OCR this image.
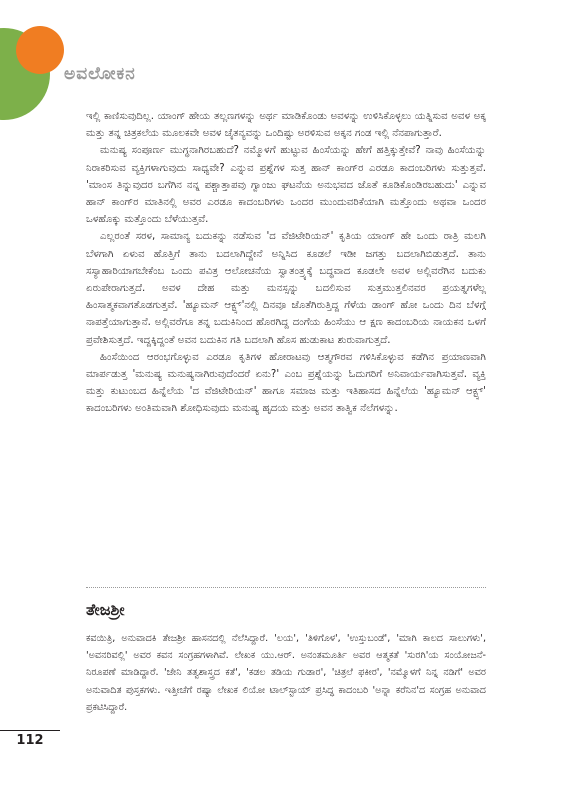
ಅವಲೋಕನ

ಇಲ್ಲಿ ಕಾಣಿಸುವುದಿಲ್ಲ. ಯಾಂಗ್ ಹೇಯ ತಲ್ಲಣಗಳನ್ನು ಅರ್ಥ ಮಾಡಿಕೊಂಡು ಅವಳನ್ನು ಉಳಿಸಿಕೊಳ್ಳಲು ಯತ್ನಿಸುವ ಅವಳ ಅಕ್ಕ ಮತ್ತು ತನ್ನ ಚಿತ್ರಕಲೆಯ ಮೂಲಕವೇ ಅವಳ ಚೈತನ್ಯವನ್ನು ಒಂದಿಷ್ಟು ಅರಳಿಸುವ ಅಕ್ಕನ ಗಂಡ ಇಲ್ಲಿ ನೆನಪಾಗುತ್ತಾರೆ.

ಮನುಷ್ಯ ಸಂಪೂರ್ಣ ಮುಗ್ಧನಾಗಿರಬಹುದೆ? ನಮ್ಮೊಳಗೆ ಹುಟ್ಟುವ ಹಿಂಸೆಯನ್ನು ಹೇಗೆ ಹತ್ತಿಕ್ಕುತ್ತೇವೆ? ನಾವು ಹಿಂಸೆಯನ್ನು ನಿರಾಕರಿಸುವ ವ್ಯಕ್ತಿಗಳಾಗುವುದು ಸಾಧ್ಯವೇ? ಎನ್ನುವ ಪ್ರಶ್ನೆಗಳ ಸುತ್ತ ಹಾನ್ ಕಾಂಗ್‌ರ ಎರಡೂ ಕಾದಂಬರಿಗಳು ಸುತ್ತುತ್ತವೆ. 'ಮಾಂಸ ತಿನ್ನುವುದರ ಬಗೆಗಿನ ನನ್ನ ಪಶ್ಚಾತ್ತಾಪವು ಗ್ವಾಂಜು ಘಟನೆಯ ಅನುಭವದ ಜೊತೆ ಕೂಡಿಕೊಂಡಿರಬಹುದು' ಎನ್ನುವ ಹಾನ್ ಕಾಂಗ್‌ರ ಮಾತಿನಲ್ಲಿ ಅವರ ಎರಡೂ ಕಾದಂಬರಿಗಳು ಒಂದರ ಮುಂದುವರಿಕೆಯಾಗಿ ಮತ್ತೊಂದು ಅಥವಾ ಒಂದರ ಒಳಹೊಕ್ಕು ಮತ್ತೊಂದು ಬೆಳೆಯುತ್ತವೆ.

ಎಲ್ಲರಂತೆ ಸರಳ, ಸಾಮಾನ್ಯ ಬದುಕನ್ನು ನಡೆಸುವ 'ದ ವೆಜಿಟೇರಿಯನ್' ಕೃತಿಯ ಯಾಂಗ್ ಹೇ ಒಂದು ರಾತ್ರಿ ಮಲಗಿ ಬೆಳಗಾಗಿ ಏಳುವ ಹೊತ್ತಿಗೆ ತಾನು ಬದಲಾಗಿದ್ದೇನೆ ಅನ್ನಿಸಿದ ಕೂಡಲೆ ಇಡೀ ಜಗತ್ತು ಬದಲಾಗಿಬಿಡುತ್ತದೆ. ತಾನು ಸಸ್ಯಾಹಾರಿಯಾಗಬೇಕೆಂಬ ಒಂದು ಪವಿತ್ರ ಆಲೋಚನೆಯ ಸ್ವಾತಂತ್ರ್ಯಕ್ಕೆ ಬದ್ಧವಾದ ಕೂಡಲೇ ಅವಳ ಅಲ್ಲಿವರೆಗಿನ ಬದುಕು ಏರುಪೇರಾಗುತ್ತದೆ. ಅವಳ ದೇಹ ಮತ್ತು ಮನಸ್ಸನ್ನು ಬದಲಿಸುವ ಸುತ್ತಮುತ್ತಲಿನವರ ಪ್ರಯತ್ನಗಳೆಲ್ಲ ಹಿಂಸಾತ್ಮಕವಾಗತೊಡಗುತ್ತವೆ. 'ಹ್ಯೂಮನ್ ಆಕ್ಟ್ಸ್'ನಲ್ಲಿ ದಿನವೂ ಜೊತೆಗಿರುತ್ತಿದ್ದ ಗೆಳೆಯ ಡಾಂಗ್ ಹೋ ಒಂದು ದಿನ ಬೆಳಗ್ಗೆ ನಾಪತ್ತೆಯಾಗುತ್ತಾನೆ. ಅಲ್ಲಿವರೆಗೂ ತನ್ನ ಬದುಕಿನಿಂದ ಹೊರಗಿದ್ದ ದಂಗೆಯ ಹಿಂಸೆಯು ಆ ಕ್ಷಣ ಕಾದಂಬರಿಯ ನಾಯಕನ ಒಳಗೆ ಪ್ರವೇಶಿಸುತ್ತದೆ. ಇದ್ದಕ್ಕಿದ್ದಂತೆ ಅವನ ಬದುಕಿನ ಗತಿ ಬದಲಾಗಿ ಹೊಸ ಹುಡುಕಾಟ ಶುರುವಾಗುತ್ತದೆ.

ಹಿಂಸೆಯಿಂದ ಆರಂಭಗೊಳ್ಳುವ ಎರಡೂ ಕೃತಿಗಳ ಹೋರಾಟವು ಆತ್ಮಗೌರವ ಗಳಿಸಿಕೊಳ್ಳುವ ಕಡೆಗಿನ ಪ್ರಯಾಣವಾಗಿ ಮಾರ್ಪಡುತ್ತ 'ಮನುಷ್ಯ ಮನುಷ್ಯನಾಗಿರುವುದೆಂದರೆ ಏನು?' ಎಂಬ ಪ್ರಶ್ನೆಯನ್ನು ಓದುಗರಿಗೆ ಅನಿವಾರ್ಯವಾಗಿಸುತ್ತವೆ. ವ್ಯಕ್ತಿ ಮತ್ತು ಕುಟುಂಬದ ಹಿನ್ನೆಲೆಯ 'ದ ವೆಜಿಟೇರಿಯನ್' ಹಾಗೂ ಸಮಾಜ ಮತ್ತು ಇತಿಹಾಸದ ಹಿನ್ನೆಲೆಯ 'ಹ್ಯೂಮನ್ ಆಕ್ಟ್ಸ್' ಕಾದಂಬರಿಗಳು ಅಂತಿಮವಾಗಿ ಶೋಧಿಸುವುದು ಮನುಷ್ಯ ಹೃದಯ ಮತ್ತು ಅವನ ತಾತ್ವಿಕ ನೆಲೆಗಳನ್ನು.

ತೇಜಶ್ರೀ

ಕವಯಿತ್ರಿ, ಅನುವಾದಕಿ ತೇಜಶ್ರೀ ಹಾಸನದಲ್ಲಿ ನೆಲೆಸಿದ್ದಾರೆ. 'ಲಯ', 'ತಿಳಿಗೊಳ', 'ಉಸ್ತುಬಂಡೆ', 'ಮಾಗಿ ಕಾಲದ ಸಾಲುಗಳು', 'ಅವನರಿವಲ್ಲಿ' ಅವರ ಕವನ ಸಂಗ್ರಹಗಳಾಗಿವೆ. ಲೇಖಕ ಯು.ಆರ್. ಅನಂತಮೂರ್ತಿ ಅವರ ಆತ್ಮಕತೆ 'ಸುರಗಿ'ಯ ಸಂಯೋಜನೆ-ನಿರೂಪಣೆ ಮಾಡಿದ್ದಾರೆ. 'ಜೇನಿ ತತ್ವಶಾಸ್ತ್ರದ ಕತೆ', 'ಕಡಲ ತಡಿಯ ಗುಡಾರ', 'ಚಿತ್ರಲೆ ಫಕೀರ', 'ನಮ್ಮೊಳಗೆ ನಿನ್ನ ನಡಿಗೆ' ಅವರ ಅನುವಾದಿತ ಪುಸ್ತಕಗಳು. ಇತ್ತೀಚೆಗೆ ರಷ್ಯಾ ಲೇಖಕ ಲಿಯೋ ಟಾಲ್‌ಸ್ಟಾಯ್ ಪ್ರಸಿದ್ಧ ಕಾದಂಬರಿ 'ಅನ್ನಾ ಕರೆನಿನ'ದ ಸಂಗ್ರಹ ಅನುವಾದ ಪ್ರಕಟಿಸಿದ್ದಾರೆ.

112
